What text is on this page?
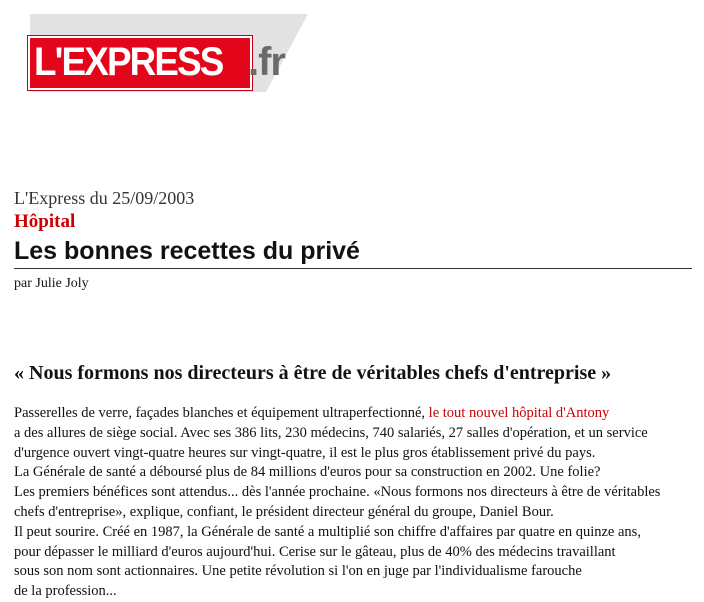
L'EXPRESS .fr
L'Express du 25/09/2003
Hôpital
Les bonnes recettes du privé
par Julie Joly
« Nous formons nos directeurs à être de véritables chefs d'entreprise »
Passerelles de verre, façades blanches et équipement ultraperfectionné, le tout nouvel hôpital d'Antony
a des allures de siège social. Avec ses 386 lits, 230 médecins, 740 salariés, 27 salles d'opération, et un service
d'urgence ouvert vingt-quatre heures sur vingt-quatre, il est le plus gros établissement privé du pays.
La Générale de santé a déboursé plus de 84 millions d'euros pour sa construction en 2002. Une folie?
Les premiers bénéfices sont attendus... dès l'année prochaine. «Nous formons nos directeurs à être de véritables
chefs d'entreprise», explique, confiant, le président directeur général du groupe, Daniel Bour.
Il peut sourire. Créé en 1987, la Générale de santé a multiplié son chiffre d'affaires par quatre en quinze ans,
pour dépasser le milliard d'euros aujourd'hui. Cerise sur le gâteau, plus de 40% des médecins travaillant
sous son nom sont actionnaires. Une petite révolution si l'on en juge par l'individualisme farouche
de la profession...
